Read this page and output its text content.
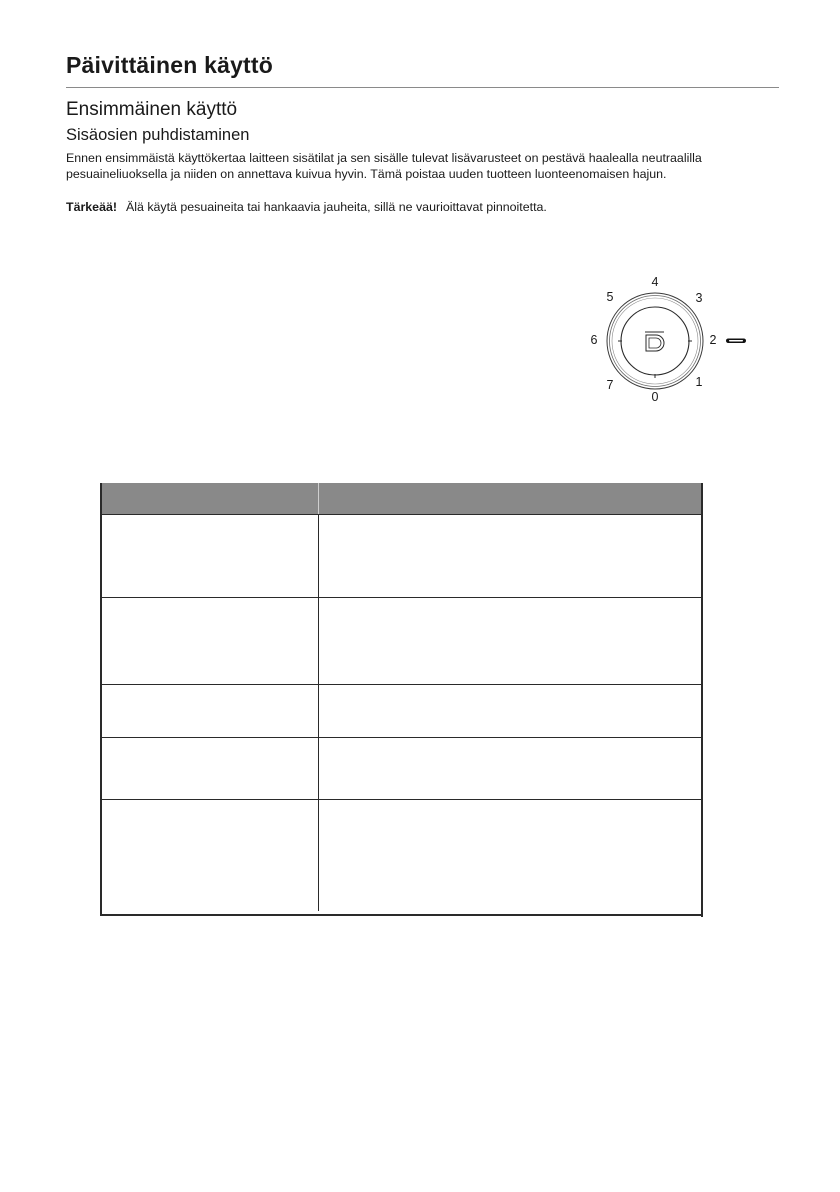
Päivittäinen käyttö
Ensimmäinen käyttö
Sisäosien puhdistaminen
Ennen ensimmäistä käyttökertaa laitteen sisätilat ja sen sisälle tulevat lisävarusteet on pestävä haalealla neutraalilla
pesuaineliuoksella ja niiden on annettava kuivua hyvin. Tämä poistaa uuden tuotteen luonteenomaisen hajun.
Tärkeää! Älä käytä pesuaineita tai hankaavia jauheita, sillä ne vaurioittavat pinnoitetta.
4
3
5
2
6
1
7
0
